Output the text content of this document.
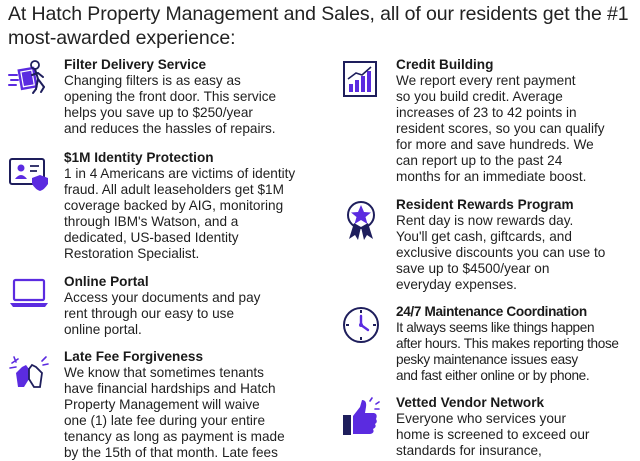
At Hatch Property Management and Sales, all of our residents get the #1 most-awarded experience:
Filter Delivery Service
Changing filters is as easy as
opening the front door. This service
helps you save up to $250/year
and reduces the hassles of repairs.
$1M Identity Protection
1 in 4 Americans are victims of identity
fraud. All adult leaseholders get $1M
coverage backed by AIG, monitoring
through IBM's Watson, and a
dedicated, US-based Identity
Restoration Specialist.
Online Portal
Access your documents and pay
rent through our easy to use
online portal.
Late Fee Forgiveness
We know that sometimes tenants
have financial hardships and Hatch
Property Management will waive
one (1) late fee during your entire
tenancy as long as payment is made
by the 15th of that month. Late fees
Credit Building
We report every rent payment
so you build credit. Average
increases of 23 to 42 points in
resident scores, so you can qualify
for more and save hundreds. We
can report up to the past 24
months for an immediate boost.
Resident Rewards Program
Rent day is now rewards day.
You'll get cash, giftcards, and
exclusive discounts you can use to
save up to $4500/year on
everyday expenses.
24/7 Maintenance Coordination
It always seems like things happen
after hours. This makes reporting those
pesky maintenance issues easy
and fast either online or by phone.
Vetted Vendor Network
Everyone who services your
home is screened to exceed our
standards for insurance,
